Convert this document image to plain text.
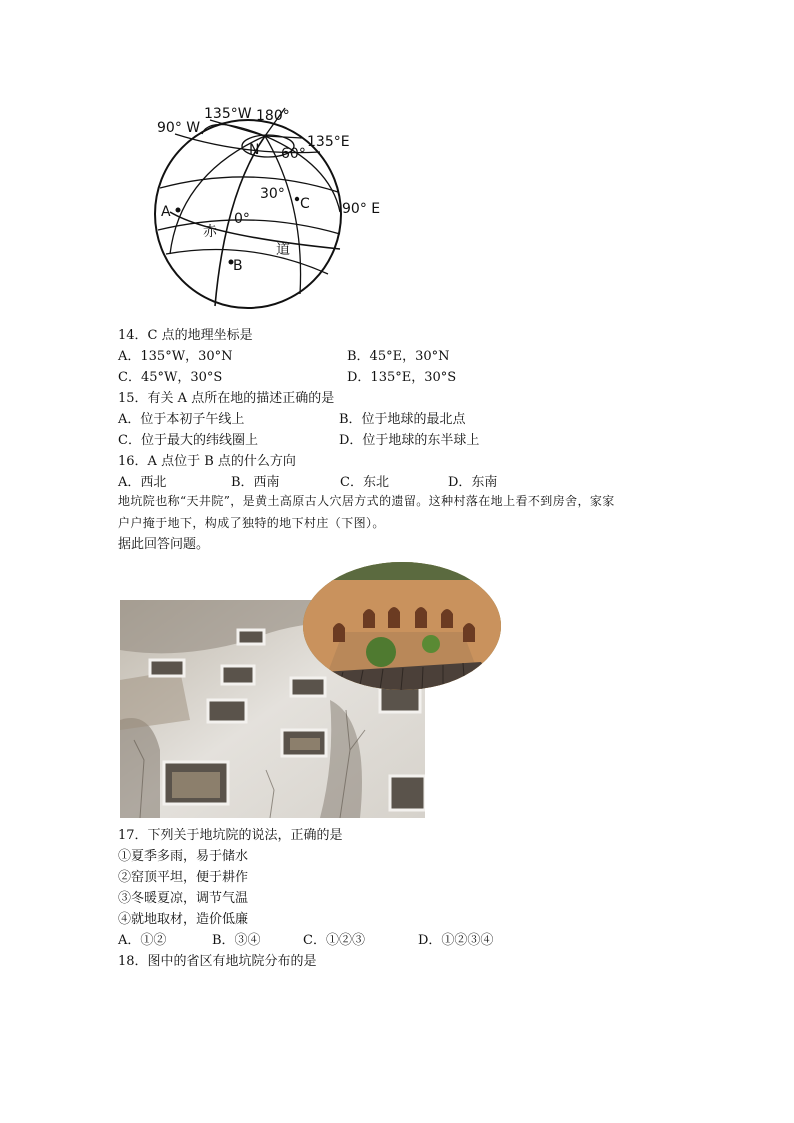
135°W 180°
90° W
135°E
N 60°
30°
C 90° E
A	0°
赤
道
B
14．C 点的地理坐标是
A．135°W，30°N	B．45°E，30°N
C．45°W，30°S	D．135°E，30°S
15．有关 A 点所在地的描述正确的是
A．位于本初子午线上	B．位于地球的最北点
C．位于最大的纬线圈上	D．位于地球的东半球上
16．A 点位于 B 点的什么方向
A．西北	B．西南	C．东北	D．东南
地坑院也称“天井院”，是黄土高原古人穴居方式的遗留。这种村落在地上看不到房舍，家家
户户掩于地下，构成了独特的地下村庄（下图）。
据此回答问题。
17．下列关于地坑院的说法，正确的是
①夏季多雨，易于储水
②窑顶平坦，便于耕作
③冬暖夏凉，调节气温
④就地取材，造价低廉
A．①②	B．③④	C．①②③	D．①②③④
18．图中的省区有地坑院分布的是
